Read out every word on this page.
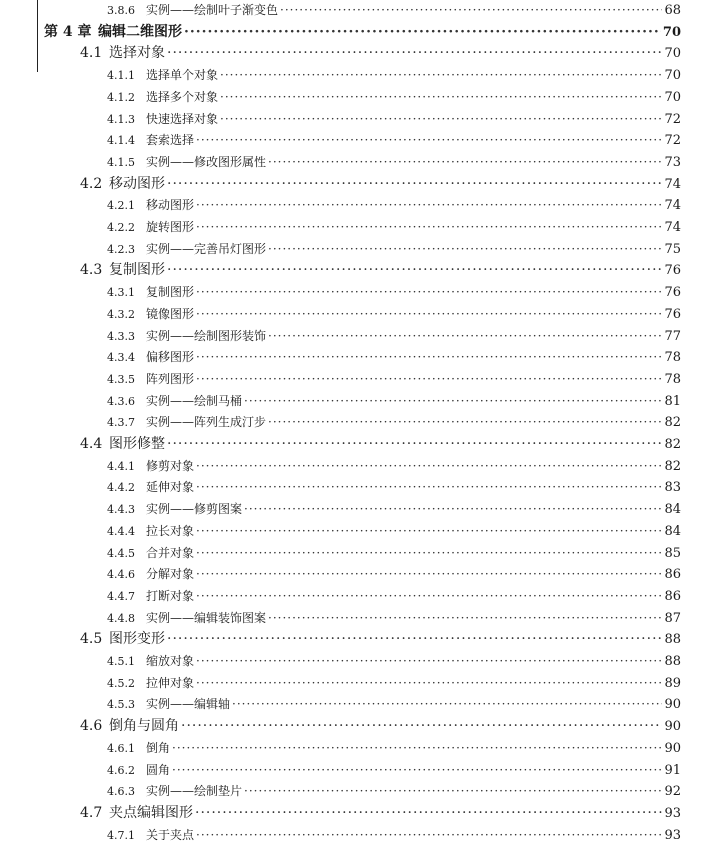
3.8.6 实例——绘制叶子渐变色 ·····	68
第 4 章 编辑二维图形 ·····	70
4.1 选择对象 ·····	70
4.1.1 选择单个对象 ·····	70
4.1.2 选择多个对象 ·····	70
4.1.3 快速选择对象 ·····	72
4.1.4 套索选择 ·····	72
4.1.5 实例——修改图形属性 ·····	73
4.2 移动图形 ·····	74
4.2.1 移动图形 ·····	74
4.2.2 旋转图形 ·····	74
4.2.3 实例——完善吊灯图形 ·····	75
4.3 复制图形 ·····	76
4.3.1 复制图形 ·····	76
4.3.2 镜像图形 ·····	76
4.3.3 实例——绘制图形装饰 ·····	77
4.3.4 偏移图形 ·····	78
4.3.5 阵列图形 ·····	78
4.3.6 实例——绘制马桶 ·····	81
4.3.7 实例——阵列生成汀步 ·····	82
4.4 图形修整 ·····	82
4.4.1 修剪对象 ·····	82
4.4.2 延伸对象 ·····	83
4.4.3 实例——修剪图案 ·····	84
4.4.4 拉长对象 ·····	84
4.4.5 合并对象 ·····	85
4.4.6 分解对象 ·····	86
4.4.7 打断对象 ·····	86
4.4.8 实例——编辑装饰图案 ·····	87
4.5 图形变形 ·····	88
4.5.1 缩放对象 ·····	88
4.5.2 拉伸对象 ·····	89
4.5.3 实例——编辑轴 ·····	90
4.6 倒角与圆角 ·····	90
4.6.1 倒角 ·····	90
4.6.2 圆角 ·····	91
4.6.3 实例——绘制垫片 ·····	92
4.7 夹点编辑图形 ·····	93
4.7.1 关于夹点 ·····	93
